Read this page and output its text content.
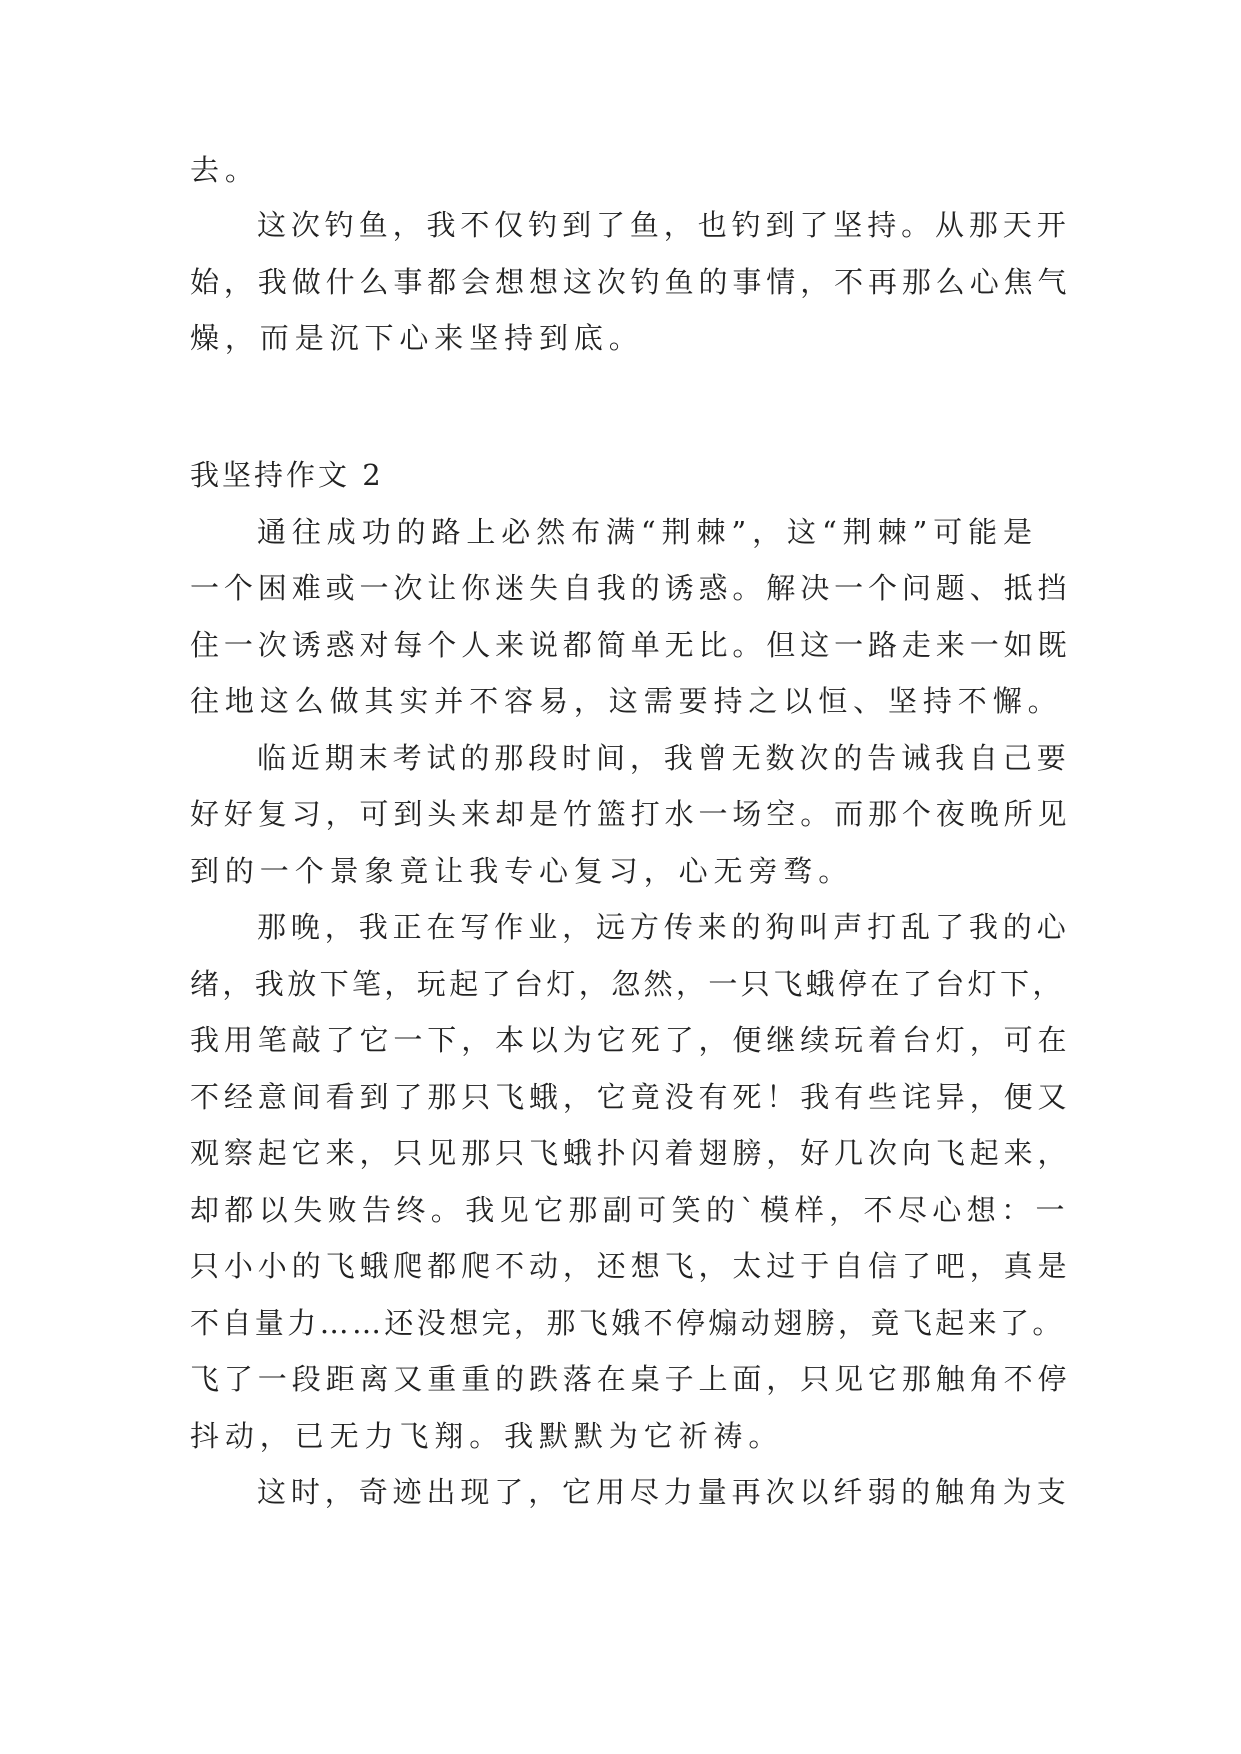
去。

这次钓鱼，我不仅钓到了鱼，也钓到了坚持。从那天开

始，我做什么事都会想想这次钓鱼的事情，不再那么心焦气

燥，而是沉下心来坚持到底。

我坚持作文 2

通往成功的路上必然布满“荆棘”，这“荆棘”可能是

一个困难或一次让你迷失自我的诱惑。解决一个问题、抵挡

住一次诱惑对每个人来说都简单无比。但这一路走来一如既

往地这么做其实并不容易，这需要持之以恒、坚持不懈。

临近期末考试的那段时间，我曾无数次的告诫我自己要

好好复习，可到头来却是竹篮打水一场空。而那个夜晚所见

到的一个景象竟让我专心复习，心无旁骛。

那晚，我正在写作业，远方传来的狗叫声打乱了我的心

绪，我放下笔，玩起了台灯，忽然，一只飞蛾停在了台灯下，

我用笔敲了它一下，本以为它死了，便继续玩着台灯，可在

不经意间看到了那只飞蛾，它竟没有死！我有些诧异，便又

观察起它来，只见那只飞蛾扑闪着翅膀，好几次向飞起来，

却都以失败告终。我见它那副可笑的`模样，不尽心想：一

只小小的飞蛾爬都爬不动，还想飞，太过于自信了吧，真是

不自量力……还没想完，那飞娥不停煽动翅膀，竟飞起来了。

飞了一段距离又重重的跌落在桌子上面，只见它那触角不停

抖动，已无力飞翔。我默默为它祈祷。

这时，奇迹出现了，它用尽力量再次以纤弱的触角为支
